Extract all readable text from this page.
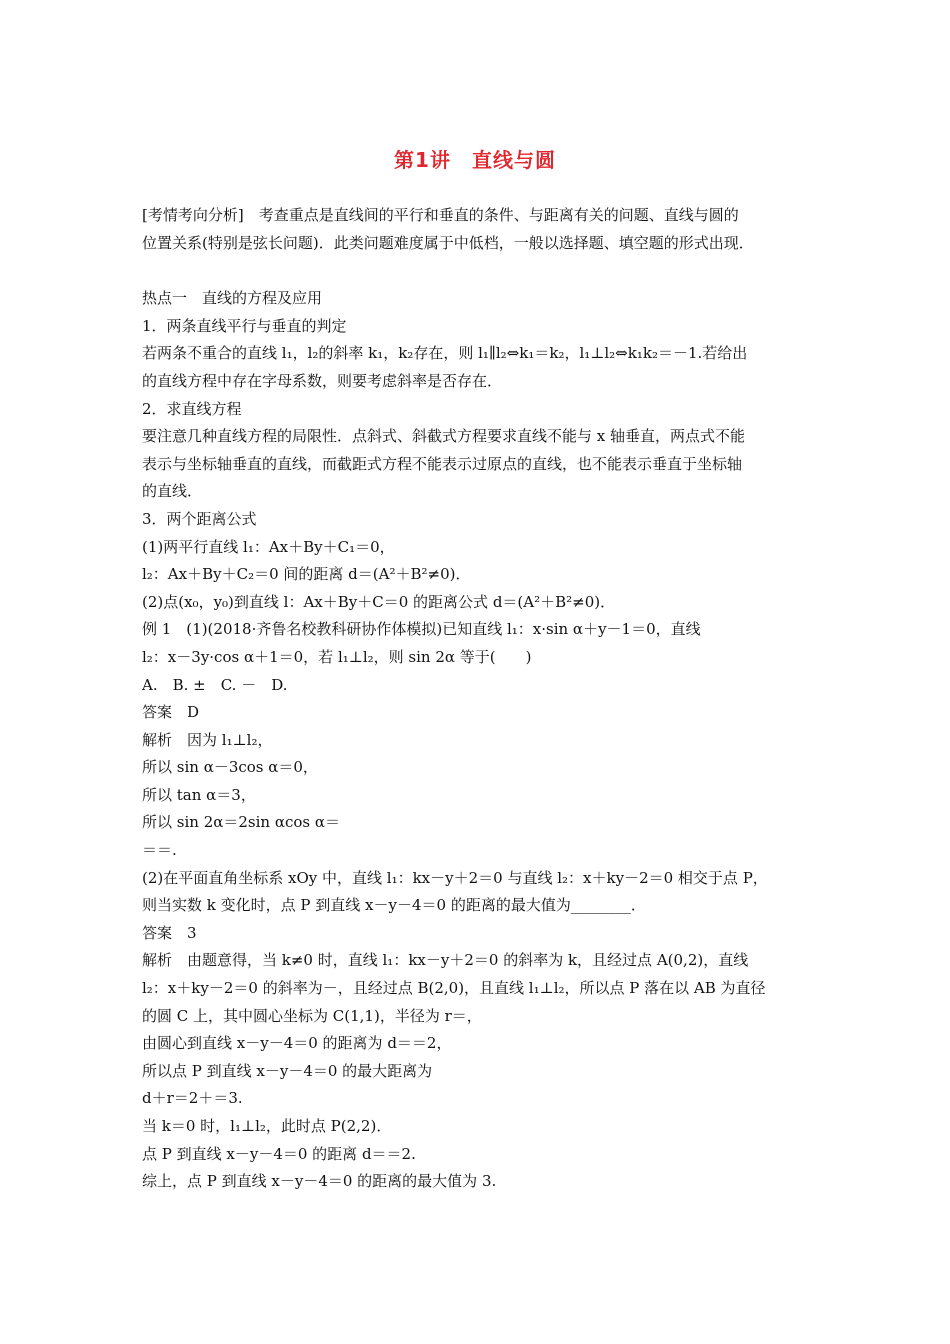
第1讲　直线与圆

[考情考向分析]　考查重点是直线间的平行和垂直的条件、与距离有关的问题、直线与圆的

位置关系(特别是弦长问题)．此类问题难度属于中低档，一般以选择题、填空题的形式出现．

热点一　直线的方程及应用

1．两条直线平行与垂直的判定

若两条不重合的直线 l₁，l₂的斜率 k₁，k₂存在，则 l₁∥l₂⇔k₁＝k₂，l₁⊥l₂⇔k₁k₂＝－1.若给出

的直线方程中存在字母系数，则要考虑斜率是否存在．

2．求直线方程

要注意几种直线方程的局限性．点斜式、斜截式方程要求直线不能与 x 轴垂直，两点式不能

表示与坐标轴垂直的直线，而截距式方程不能表示过原点的直线，也不能表示垂直于坐标轴

的直线．

3．两个距离公式

(1)两平行直线 l₁：Ax＋By＋C₁＝0，

l₂：Ax＋By＋C₂＝0 间的距离 d＝(A²＋B²≠0)．

(2)点(x₀，y₀)到直线 l：Ax＋By＋C＝0 的距离公式 d＝(A²＋B²≠0)．

例 1　(1)(2018·齐鲁名校教科研协作体模拟)已知直线 l₁：x·sin α＋y－1＝0，直线

l₂：x－3y·cos α＋1＝0，若 l₁⊥l₂，则 sin 2α 等于(　　)

A.　B. ±　C. －　D.

答案　D

解析　因为 l₁⊥l₂，

所以 sin α－3cos α＝0，

所以 tan α＝3，

所以 sin 2α＝2sin αcos α＝

＝＝.

(2)在平面直角坐标系 xOy 中，直线 l₁：kx－y＋2＝0 与直线 l₂：x＋ky－2＝0 相交于点 P，

则当实数 k 变化时，点 P 到直线 x－y－4＝0 的距离的最大值为________．

答案　3

解析　由题意得，当 k≠0 时，直线 l₁：kx－y＋2＝0 的斜率为 k，且经过点 A(0,2)，直线

l₂：x＋ky－2＝0 的斜率为－，且经过点 B(2,0)，且直线 l₁⊥l₂，所以点 P 落在以 AB 为直径

的圆 C 上，其中圆心坐标为 C(1,1)，半径为 r＝，

由圆心到直线 x－y－4＝0 的距离为 d＝＝2，

所以点 P 到直线 x－y－4＝0 的最大距离为

d＋r＝2＋＝3.

当 k＝0 时，l₁⊥l₂，此时点 P(2,2)．

点 P 到直线 x－y－4＝0 的距离 d＝＝2.

综上，点 P 到直线 x－y－4＝0 的距离的最大值为 3.
